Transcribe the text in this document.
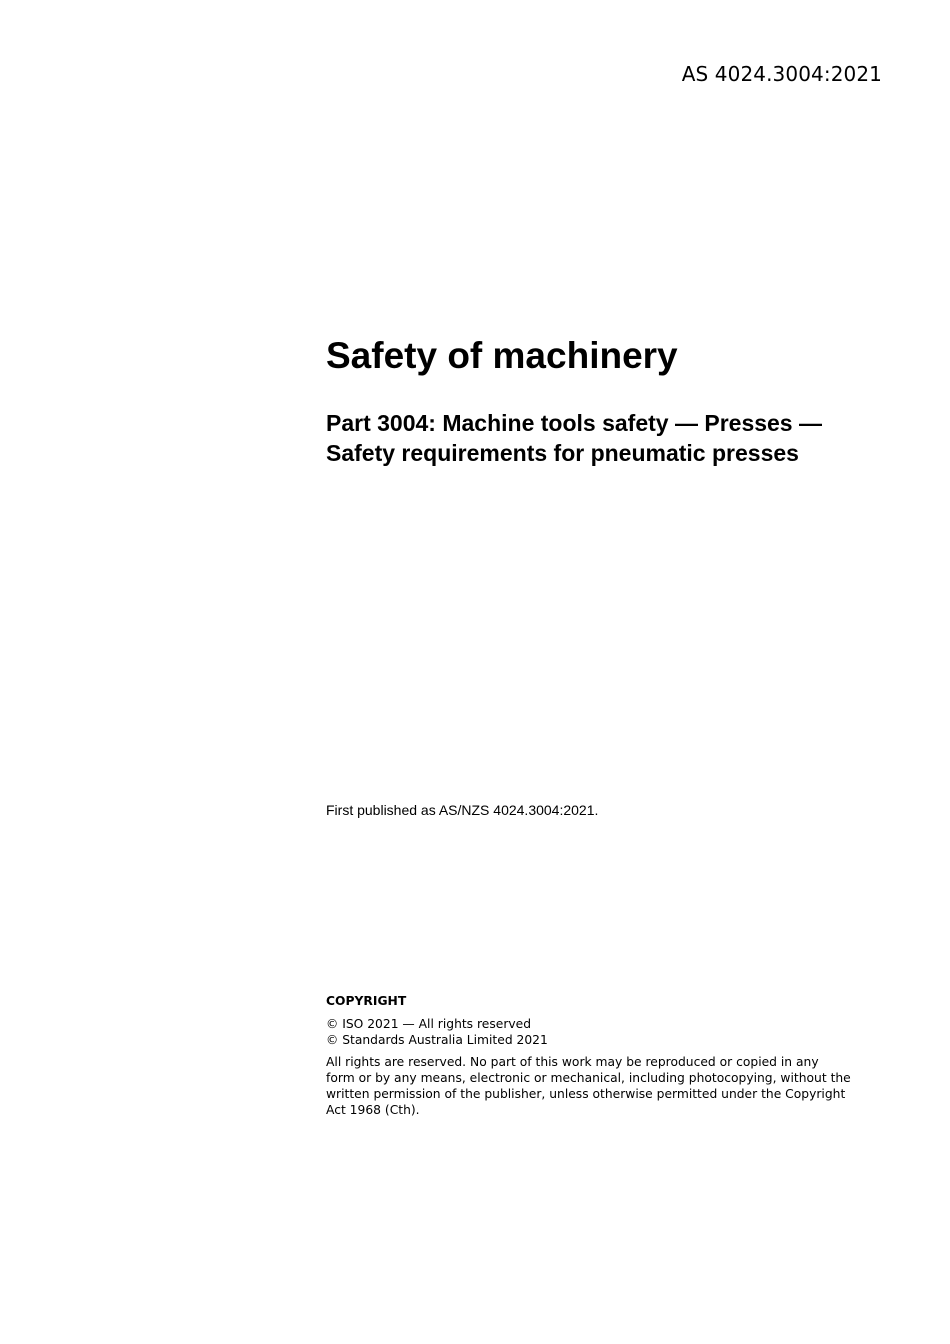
AS 4024.3004:2021
Safety of machinery
Part 3004: Machine tools safety — Presses —
Safety requirements for pneumatic presses
First published as AS/NZS 4024.3004:2021.
COPYRIGHT
© ISO 2021 — All rights reserved
© Standards Australia Limited 2021
All rights are reserved. No part of this work may be reproduced or copied in any
form or by any means, electronic or mechanical, including photocopying, without the
written permission of the publisher, unless otherwise permitted under the Copyright
Act 1968 (Cth).
